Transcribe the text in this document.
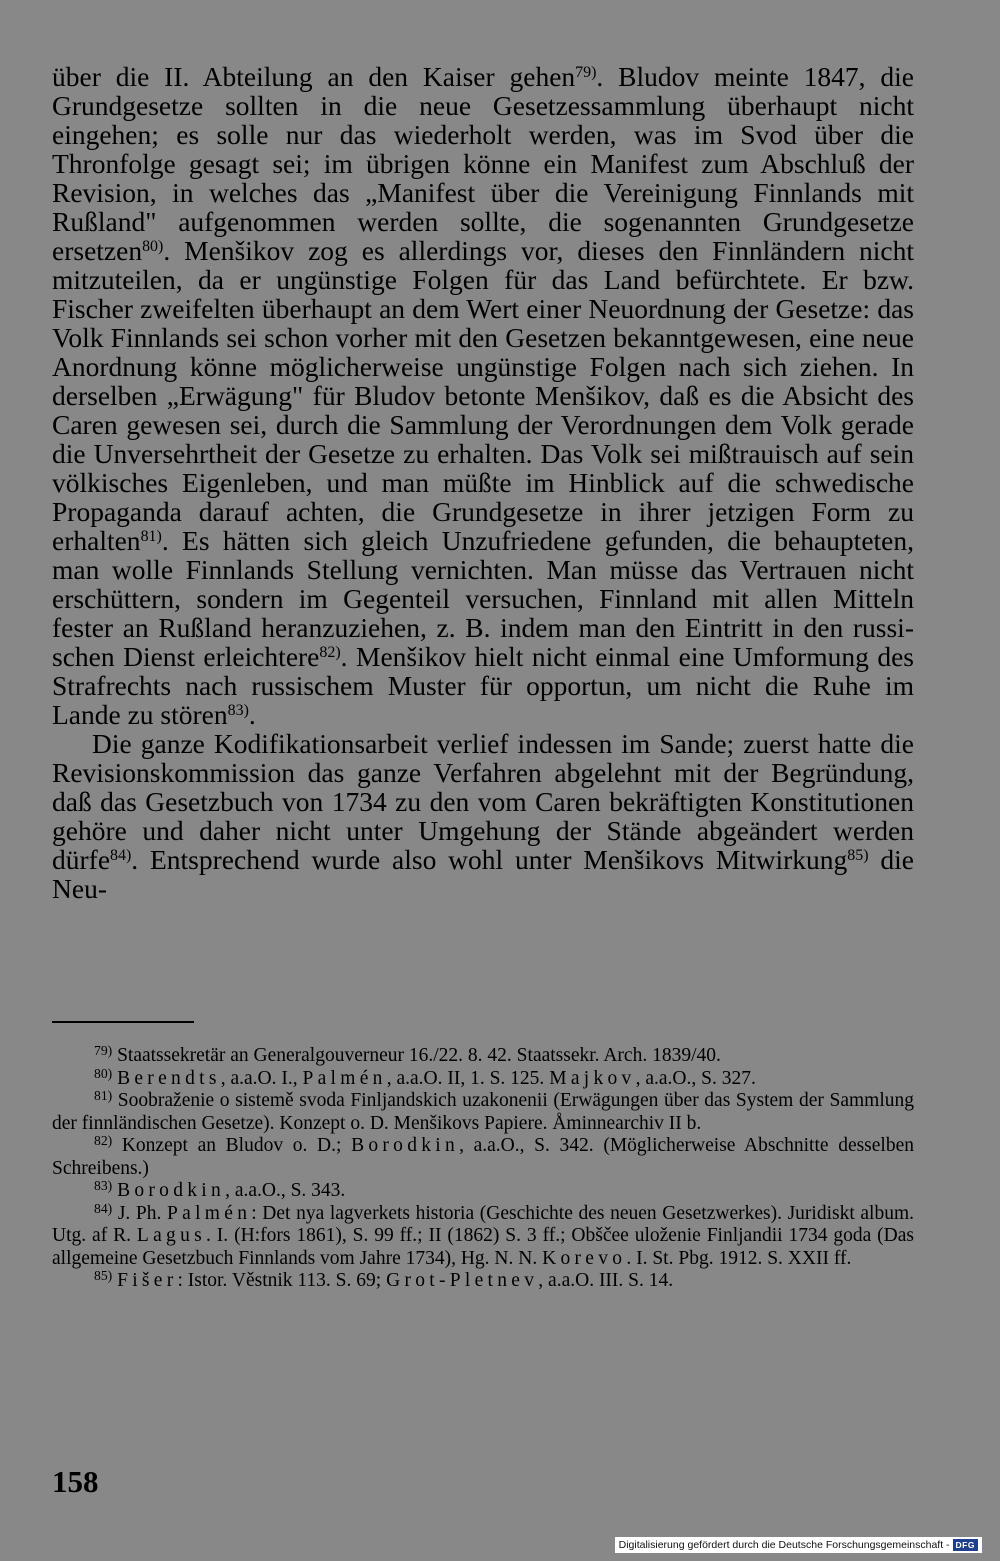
über die II. Abteilung an den Kaiser gehen$^{79)}$. Bludov meinte 1847, die Grundgesetze sollten in die neue Gesetzessammlung überhaupt nicht eingehen; es solle nur das wiederholt werden, was im Svod über die Thronfolge gesagt sei; im übrigen könne ein Manifest zum Abschluß der Revision, in welches das „Manifest über die Vereinigung Finnlands mit Rußland" aufgenommen werden sollte, die sogenannten Grundgesetze ersetzen$^{80)}$. Menšikov zog es allerdings vor, dieses den Finnländern nicht mitzuteilen, da er ungünstige Folgen für das Land befürchtete. Er bzw. Fischer zweifelten überhaupt an dem Wert einer Neuordnung der Gesetze: das Volk Finnlands sei schon vorher mit den Gesetzen bekanntgewesen, eine neue Anordnung könne möglicherweise ungünstige Folgen nach sich ziehen. In derselben „Erwägung" für Bludov betonte Menšikov, daß es die Absicht des Caren gewesen sei, durch die Sammlung der Verordnungen dem Volk gerade die Unversehrtheit der Gesetze zu erhalten. Das Volk sei mißtrauisch auf sein völkisches Eigenleben, und man müßte im Hinblick auf die schwedische Propaganda darauf achten, die Grundgesetze in ihrer jetzigen Form zu erhalten$^{81)}$. Es hätten sich gleich Unzufriedene gefunden, die behaupteten, man wolle Finnlands Stellung vernichten. Man müsse das Vertrauen nicht erschüttern, sondern im Gegenteil versuchen, Finnland mit allen Mitteln fester an Rußland heranzuziehen, z. B. indem man den Eintritt in den russischen Dienst erleichtere$^{82)}$. Menšikov hielt nicht einmal eine Umformung des Strafrechts nach russischem Muster für opportun, um nicht die Ruhe im Lande zu stören$^{83)}$.

Die ganze Kodifikationsarbeit verlief indessen im Sande; zuerst hatte die Revisionskommission das ganze Verfahren abgelehnt mit der Begründung, daß das Gesetzbuch von 1734 zu den vom Caren bekräftigten Konstitutionen gehöre und daher nicht unter Umgehung der Stände abgeändert werden dürfe$^{84)}$. Entsprechend wurde also wohl unter Menšikovs Mitwirkung$^{85)}$ die Neu-

$^{79)}$ Staatssekretär an Generalgouverneur 16./22. 8. 42. Staatssekr. Arch. 1839/40.

$^{80)}$ Berendts, a.a.O. I., Palmén, a.a.O. II, 1. S. 125. Majkov, a.a.O., S. 327.

$^{81)}$ Soobraženie o sistemě svoda Finljandskich uzakonenii (Erwägungen über das System der Sammlung der finnländischen Gesetze). Konzept o. D. Menšikovs Papiere. Åminnearchiv II b.

$^{82)}$ Konzept an Bludov o. D.; Borodkin, a.a.O., S. 342. (Möglicherweise Abschnitte desselben Schreibens.)

$^{83)}$ Borodkin, a.a.O., S. 343.

$^{84)}$ J. Ph. Palmén: Det nya lagverkets historia (Geschichte des neuen Gesetzwerkes). Juridiskt album. Utg. af R. Lagus. I. (H:fors 1861), S. 99 ff.; II (1862) S. 3 ff.; Obščee uloženie Finljandii 1734 goda (Das allgemeine Gesetzbuch Finnlands vom Jahre 1734), Hg. N. N. Korevo. I. St. Pbg. 1912. S. XXII ff.

$^{85)}$ Fišer: Istor. Věstnik 113. S. 69; Grot-Pletnev, a.a.O. III. S. 14.

158
Digitalisierung gefördert durch die Deutsche Forschungsgemeinschaft - DFG
